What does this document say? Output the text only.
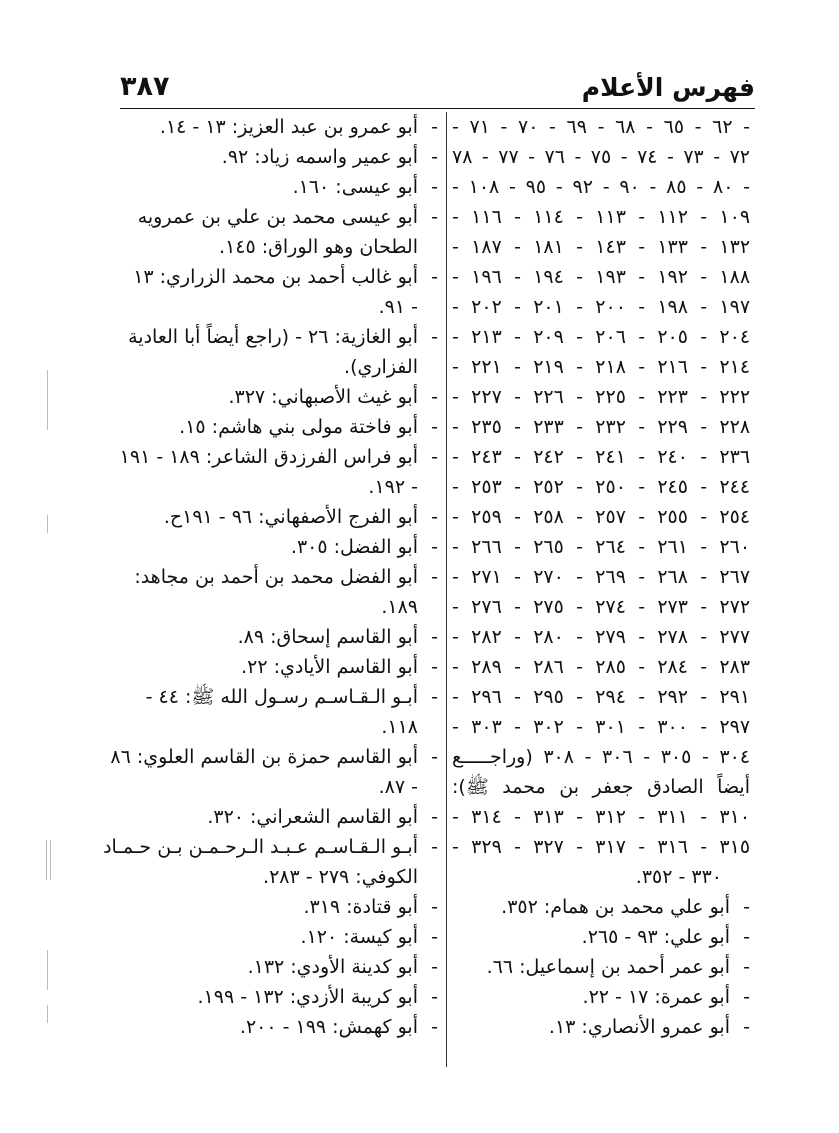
٣٨٧	فهرس الأعلام
- ٦٢ - ٦٥ - ٦٨ - ٦٩ - ٧٠ - ٧١ -
٧٢ - ٧٣ - ٧٤ - ٧٥ - ٧٦ - ٧٧ - ٧٨
- ٨٠ - ٨٥ - ٩٠ - ٩٢ - ٩٥ - ١٠٨ -
١٠٩ - ١١٢ - ١١٣ - ١١٤ - ١١٦ -
١٣٢ - ١٣٣ - ١٤٣ - ١٨١ - ١٨٧ -
١٨٨ - ١٩٢ - ١٩٣ - ١٩٤ - ١٩٦ -
١٩٧ - ١٩٨ - ٢٠٠ - ٢٠١ - ٢٠٢ -
٢٠٤ - ٢٠٥ - ٢٠٦ - ٢٠٩ - ٢١٣ -
٢١٤ - ٢١٦ - ٢١٨ - ٢١٩ - ٢٢١ -
٢٢٢ - ٢٢٣ - ٢٢٥ - ٢٢٦ - ٢٢٧ -
٢٢٨ - ٢٢٩ - ٢٣٢ - ٢٣٣ - ٢٣٥ -
٢٣٦ - ٢٤٠ - ٢٤١ - ٢٤٢ - ٢٤٣ -
٢٤٤ - ٢٤٥ - ٢٥٠ - ٢٥٢ - ٢٥٣ -
٢٥٤ - ٢٥٥ - ٢٥٧ - ٢٥٨ - ٢٥٩ -
٢٦٠ - ٢٦١ - ٢٦٤ - ٢٦٥ - ٢٦٦ -
٢٦٧ - ٢٦٨ - ٢٦٩ - ٢٧٠ - ٢٧١ -
٢٧٢ - ٢٧٣ - ٢٧٤ - ٢٧٥ - ٢٧٦ -
٢٧٧ - ٢٧٨ - ٢٧٩ - ٢٨٠ - ٢٨٢ -
٢٨٣ - ٢٨٤ - ٢٨٥ - ٢٨٦ - ٢٨٩ -
٢٩١ - ٢٩٢ - ٢٩٤ - ٢٩٥ - ٢٩٦ -
٢٩٧ - ٣٠٠ - ٣٠١ - ٣٠٢ - ٣٠٣ -
٣٠٤ - ٣٠٥ - ٣٠٦ - ٣٠٨ (وراجـــــع
أيضاً الصادق جعفر بن محمد ﷺ):
٣١٠ - ٣١١ - ٣١٢ - ٣١٣ - ٣١٤ -
٣١٥ - ٣١٦ - ٣١٧ - ٣٢٧ - ٣٢٩ -
٣٣٠ - ٣٥٢.
-
أبو علي محمد بن همام: ٣٥٢.
-
أبو علي: ٩٣ - ٢٦٥.
-
أبو عمر أحمد بن إسماعيل: ٦٦.
-
أبو عمرة: ١٧ - ٢٢.
-
أبو عمرو الأنصاري: ١٣.
-
أبو عمرو بن عبد العزيز: ١٣ - ١٤.
-
أبو عمير واسمه زياد: ٩٢.
-
أبو عيسى: ١٦٠.
-
أبو عيسى محمد بن علي بن عمرويه
الطحان وهو الوراق: ١٤٥.
-
أبو غالب أحمد بن محمد الزراري: ١٣
- ٩١.
-
أبو الغازية: ٢٦ - (راجع أيضاً أبا العادية
الفزاري).
-
أبو غيث الأصبهاني: ٣٢٧.
-
أبو فاختة مولى بني هاشم: ١٥.
-
أبو فراس الفرزدق الشاعر: ١٨٩ - ١٩١
- ١٩٢.
-
أبو الفرج الأصفهاني: ٩٦ - ١٩١ح.
-
أبو الفضل: ٣٠٥.
-
أبو الفضل محمد بن أحمد بن مجاهد:
١٨٩.
-
أبو القاسم إسحاق: ٨٩.
-
أبو القاسم الأيادي: ٢٢.
-
أبـو الـقـاسـم رسـول الله ﷺ: ٤٤ -
١١٨.
-
أبو القاسم حمزة بن القاسم العلوي: ٨٦
- ٨٧.
-
أبو القاسم الشعراني: ٣٢٠.
-
أبـو الـقـاسـم عـبـد الـرحـمـن بـن حـمـاد
الكوفي: ٢٧٩ - ٢٨٣.
-
أبو قتادة: ٣١٩.
-
أبو كيسة: ١٢٠.
-
أبو كدينة الأودي: ١٣٢.
-
أبو كريبة الأزدي: ١٣٢ - ١٩٩.
-
أبو كهمش: ١٩٩ - ٢٠٠.
